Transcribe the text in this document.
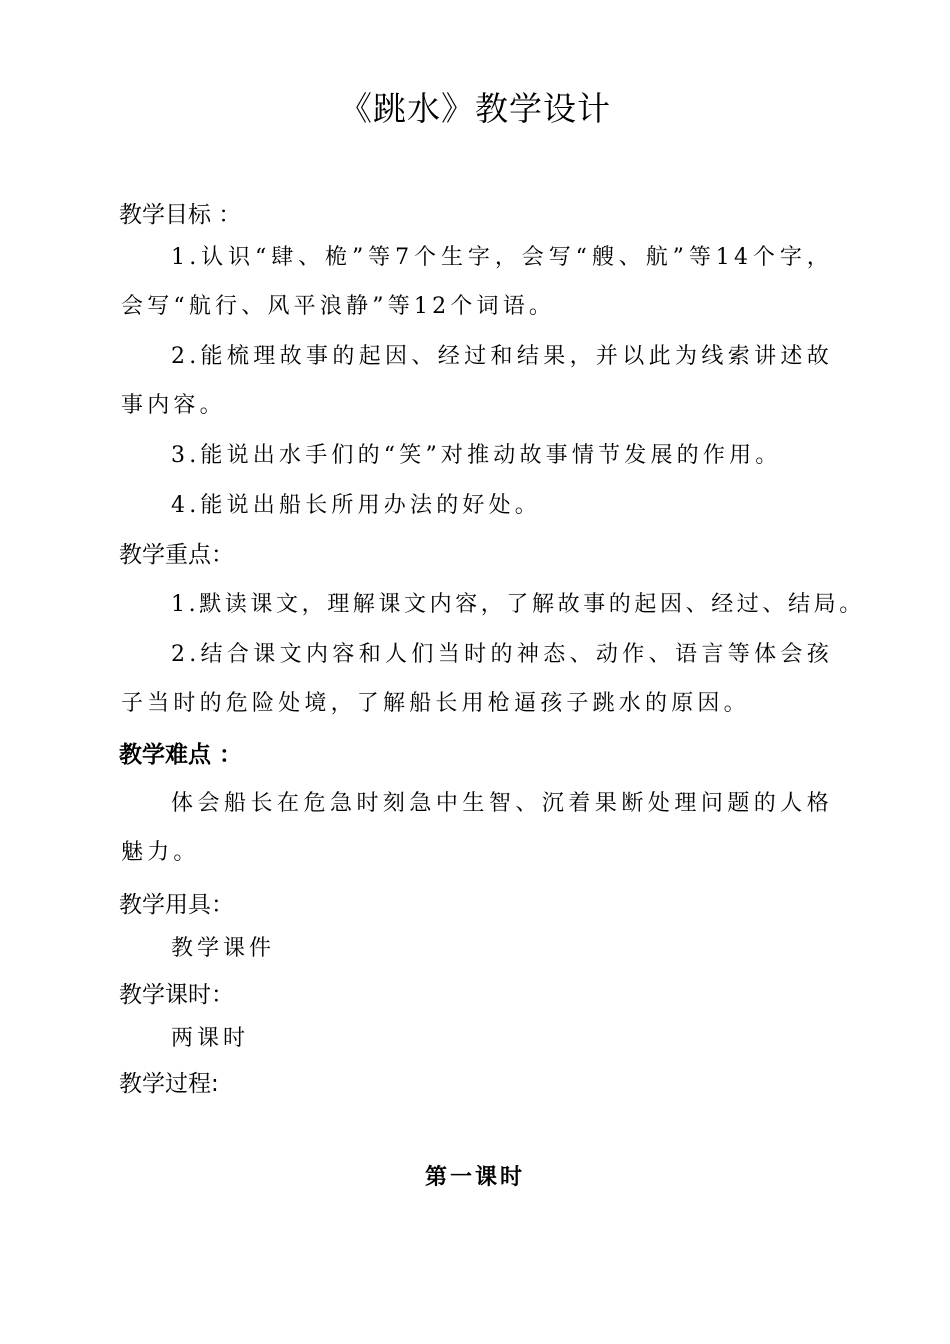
《跳水》教学设计
教学目标 ：
1.认识“肆、桅”等7个生字，会写“艘、航”等14个字，会写“航行、风平浪静”等12个词语。
2.能梳理故事的起因、经过和结果，并以此为线索讲述故事内容。
3.能说出水手们的“笑”对推动故事情节发展的作用。
4.能说出船长所用办法的好处。
教学重点：
1.默读课文，理解课文内容，了解故事的起因、经过、结局。
2.结合课文内容和人们当时的神态、动作、语言等体会孩子当时的危险处境，了解船长用枪逼孩子跳水的原因。
教学难点 ：
体会船长在危急时刻急中生智、沉着果断处理问题的人格魅力。
教学用具：
教学课件
教学课时：
两课时
教学过程:
第一课时
